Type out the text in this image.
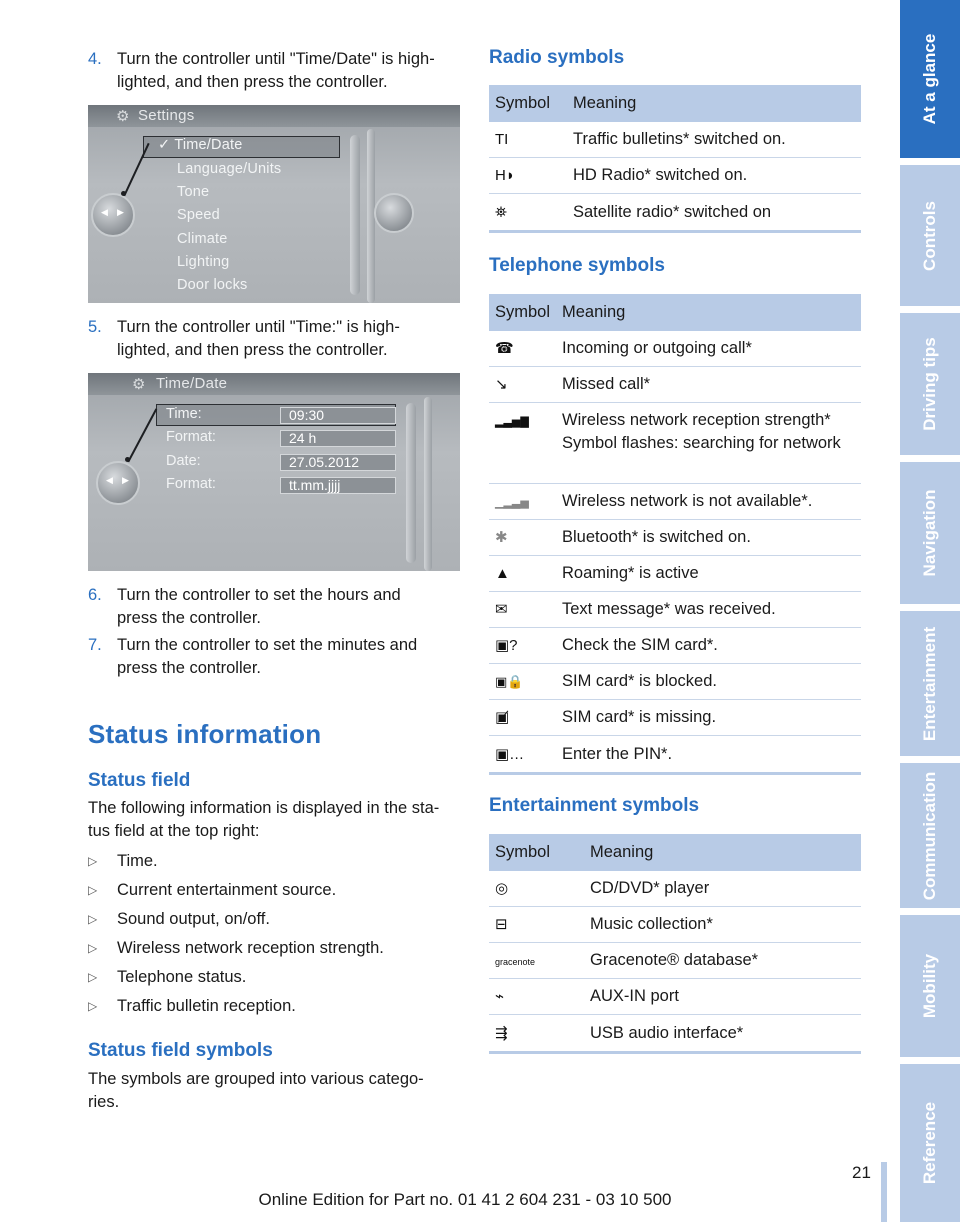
4. Turn the controller until "Time/Date" is high‐
lighted, and then press the controller.
⚙ Settings
✓ Time/Date
Language/Units
Tone
Speed
Climate
Lighting
Door locks
◀ ▶
5. Turn the controller until "Time:" is high‐
lighted, and then press the controller.
⚙ Time/Date
Time:	09:30
Format:	24 h
Date:	27.05.2012
Format:	tt.mm.jjjj
◀ ▶
6. Turn the controller to set the hours and
press the controller.
7. Turn the controller to set the minutes and
press the controller.
Status information
Status field
The following information is displayed in the sta‐
tus field at the top right:
▷	Time.
▷	Current entertainment source.
▷	Sound output, on/off.
▷	Wireless network reception strength.
▷	Telephone status.
▷	Traffic bulletin reception.
Status field symbols
The symbols are grouped into various catego‐
ries.
Radio symbols
Symbol	Meaning
TI	Traffic bulletins* switched on.
H◗	HD Radio* switched on.
⛯	Satellite radio* switched on
Telephone symbols
Symbol Meaning
☎	Incoming or outgoing call*
↘	Missed call*
▂▃▅▇	Wireless network reception strength* Symbol flashes: searching for network
▁▂▃▅	Wireless network is not available*.
✱	Bluetooth* is switched on.
▲	Roaming* is active
✉	Text message* was received.
▣?	Check the SIM card*.
▣🔒	SIM card* is blocked.
▣̸	SIM card* is missing.
▣…	Enter the PIN*.
Entertainment symbols
Symbol	Meaning
◎	CD/DVD* player
⊟	Music collection*
gracenote	Gracenote® database*
⌁	AUX-IN port
⇶	USB audio interface*
At a glance
Controls
Driving tips
Navigation
Entertainment
Communication
Mobility
Reference
21
Online Edition for Part no. 01 41 2 604 231 - 03 10 500
